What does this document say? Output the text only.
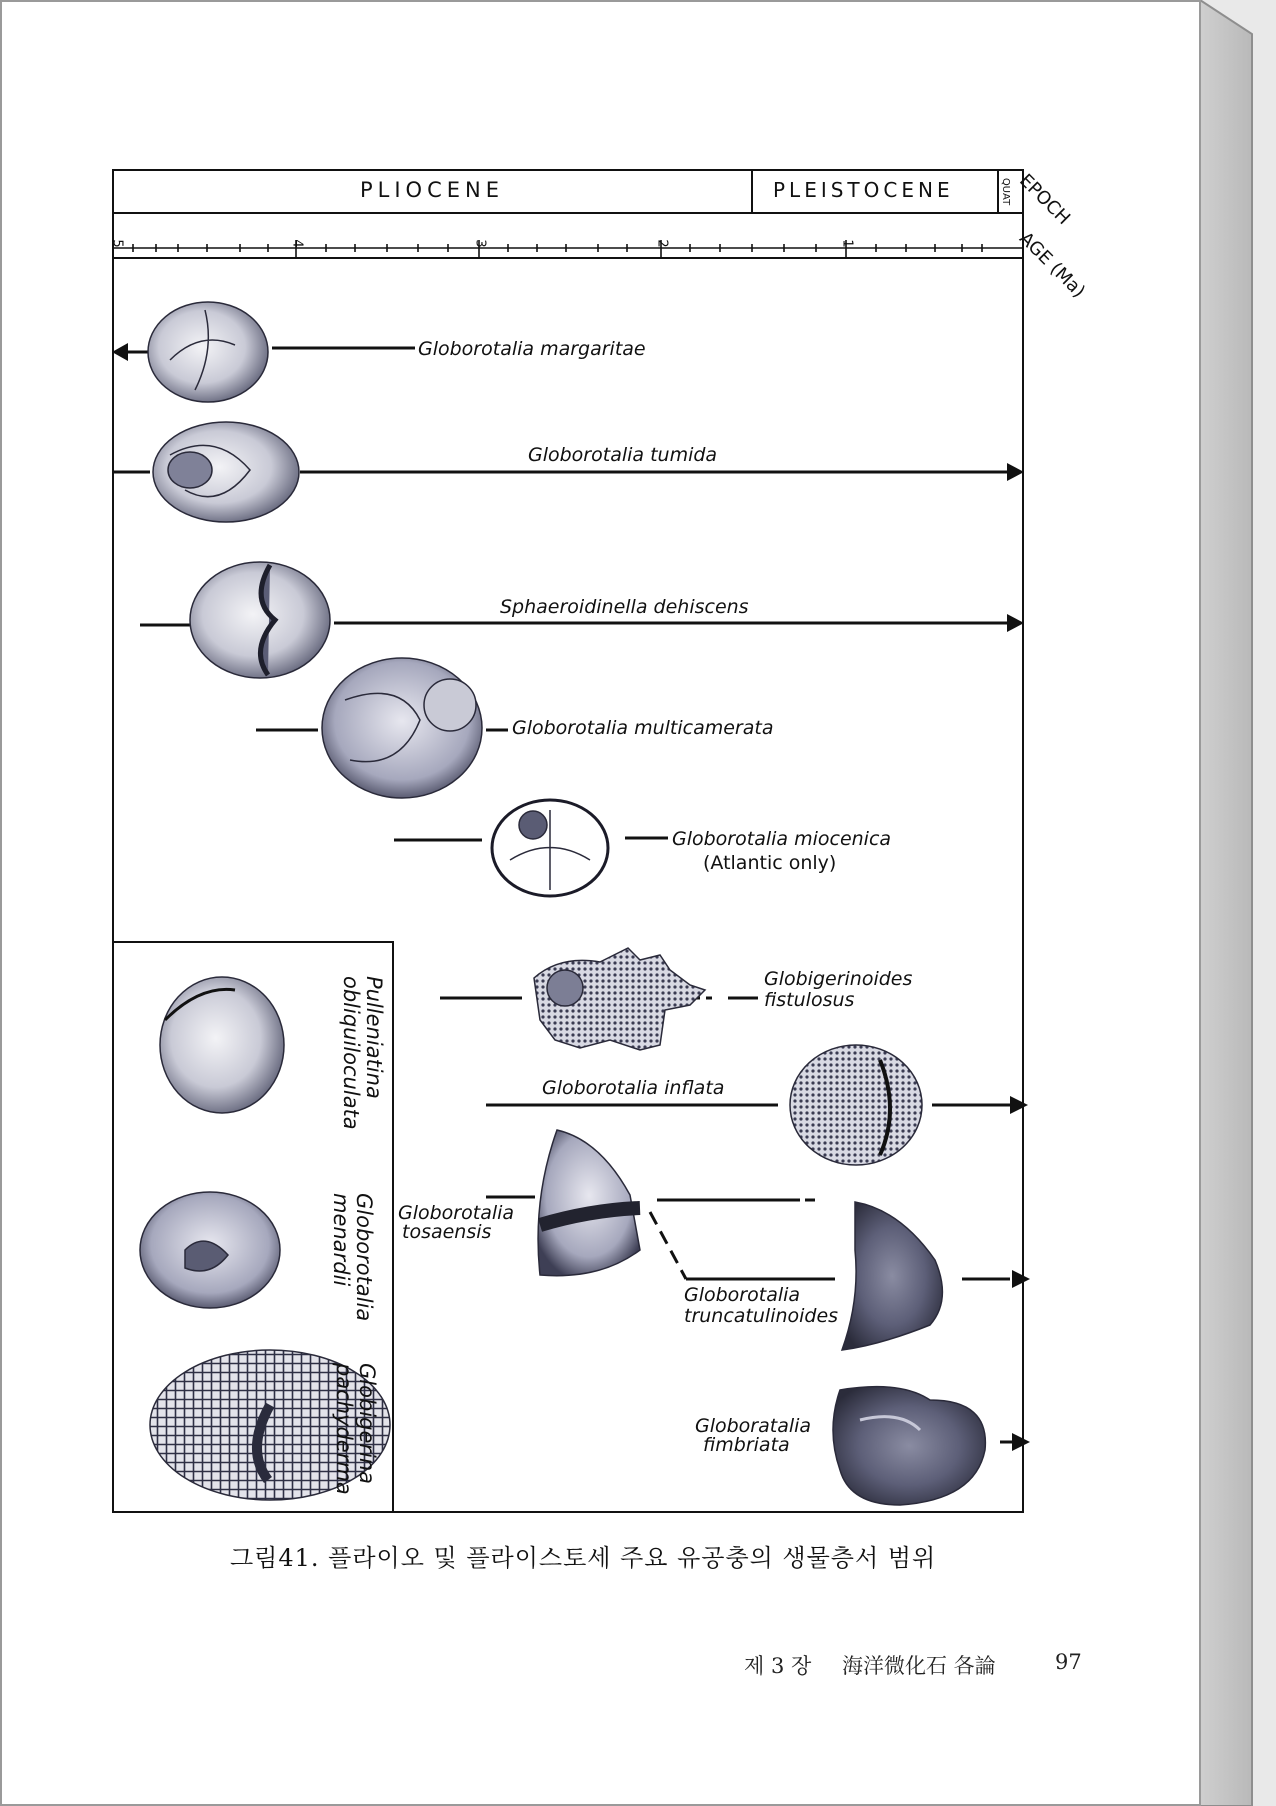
PLIOCENE	PLEISTOCENE	QUAT EPOCH
AGE (Ma)
5	4	3	2	1
Globorotalia margaritae
Globorotalia tumida
Sphaeroidinella dehiscens
Globorotalia multicamerata
Globorotalia miocenica
(Atlantic only)
Globigerinoides
fistulosus
Globorotalia inflata
Globorotalia
tosaensis
Globorotalia
truncatulinoides
Globoratalia
fimbriata
Pulleniatina
obliquiloculata
Globorotalia
menardii
Globigerina
pachyderma
그림41. 플라이오 및 플라이스토세 주요 유공충의 생물층서 범위
제 3 장 海洋微化石 各論	97
